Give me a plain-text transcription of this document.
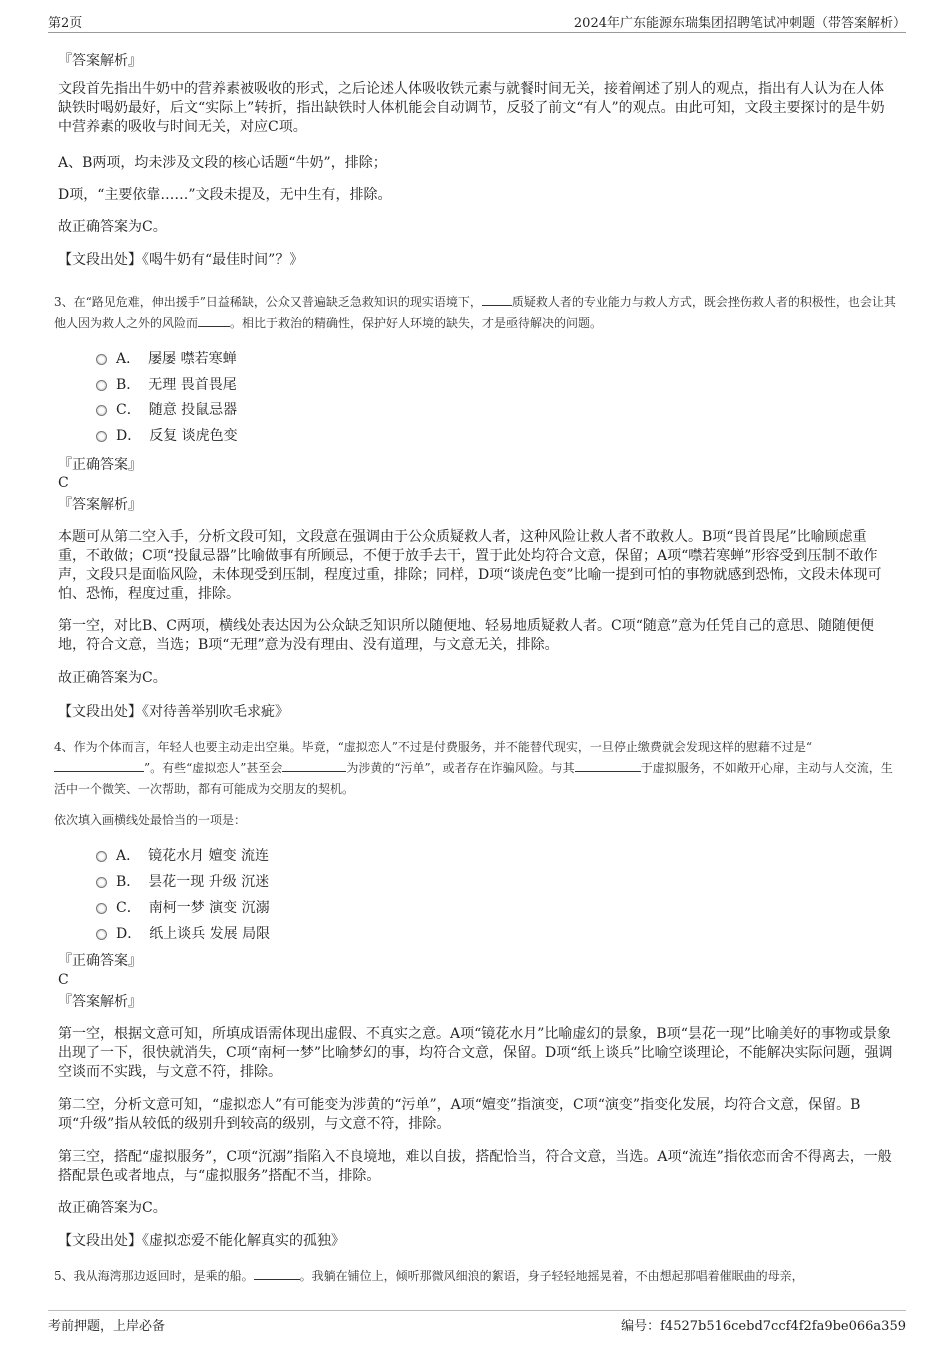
第2页	2024年广东能源东瑞集团招聘笔试冲刺题（带答案解析）
『答案解析』
文段首先指出牛奶中的营养素被吸收的形式，之后论述人体吸收铁元素与就餐时间无关，接着阐述了别人的观点，指出有人认为在人体缺铁时喝奶最好，后文“实际上”转折，指出缺铁时人体机能会自动调节，反驳了前文“有人”的观点。由此可知，文段主要探讨的是牛奶中营养素的吸收与时间无关，对应C项。
A、B两项，均未涉及文段的核心话题“牛奶”，排除；
D项，“主要依靠……”文段未提及，无中生有，排除。
故正确答案为C。
【文段出处】《喝牛奶有“最佳时间”？》
3、在“路见危难，伸出援手”日益稀缺，公众又普遍缺乏急救知识的现实语境下，	质疑救人者的专业能力与救人方式，既会挫伤救人者的积极性，也会让其他人因为救人之外的风险而	。相比于救治的精确性，保护好人环境的缺失，才是亟待解决的问题。
A． 屡屡 噤若寒蝉
B． 无理 畏首畏尾
C． 随意 投鼠忌器
D． 反复 谈虎色变
『正确答案』
C
『答案解析』
本题可从第二空入手，分析文段可知，文段意在强调由于公众质疑救人者，这种风险让救人者不敢救人。B项“畏首畏尾”比喻顾虑重重，不敢做；C项“投鼠忌器”比喻做事有所顾忌，不便于放手去干，置于此处均符合文意，保留；A项“噤若寒蝉”形容受到压制不敢作声，文段只是面临风险，未体现受到压制，程度过重，排除；同样，D项“谈虎色变”比喻一提到可怕的事物就感到恐怖，文段未体现可怕、恐怖，程度过重，排除。
第一空，对比B、C两项，横线处表达因为公众缺乏知识所以随便地、轻易地质疑救人者。C项“随意”意为任凭自己的意思、随随便便地，符合文意，当选；B项“无理”意为没有理由、没有道理，与文意无关，排除。
故正确答案为C。
【文段出处】《对待善举别吹毛求疵》
4、作为个体而言，年轻人也要主动走出空巢。毕竟，“虚拟恋人”不过是付费服务，并不能替代现实，一旦停止缴费就会发现这样的慰藉不过是“”。有些“虚拟恋人”甚至会	为涉黄的“污单”，或者存在诈骗风险。与其	于虚拟服务，不如敞开心扉，主动与人交流，生活中一个微笑、一次帮助，都有可能成为交朋友的契机。
依次填入画横线处最恰当的一项是：
A． 镜花水月 嬗变 流连
B． 昙花一现 升级 沉迷
C． 南柯一梦 演变 沉溺
D． 纸上谈兵 发展 局限
『正确答案』
C
『答案解析』
第一空，根据文意可知，所填成语需体现出虚假、不真实之意。A项“镜花水月”比喻虚幻的景象，B项“昙花一现”比喻美好的事物或景象出现了一下，很快就消失，C项“南柯一梦”比喻梦幻的事，均符合文意，保留。D项“纸上谈兵”比喻空谈理论，不能解决实际问题，强调空谈而不实践，与文意不符，排除。
第二空，分析文意可知，“虚拟恋人”有可能变为涉黄的“污单”，A项“嬗变”指演变，C项“演变”指变化发展，均符合文意，保留。B项“升级”指从较低的级别升到较高的级别，与文意不符，排除。
第三空，搭配“虚拟服务”，C项“沉溺”指陷入不良境地，难以自拔，搭配恰当，符合文意，当选。A项“流连”指依恋而舍不得离去，一般搭配景色或者地点，与“虚拟服务”搭配不当，排除。
故正确答案为C。
【文段出处】《虚拟恋爱不能化解真实的孤独》
5、我从海湾那边返回时，是乘的船。	。我躺在铺位上，倾听那微风细浪的絮语，身子轻轻地摇晃着，不由想起那唱着催眠曲的母亲，
考前押题，上岸必备	编号：f4527b516cebd7ccf4f2fa9be066a359
